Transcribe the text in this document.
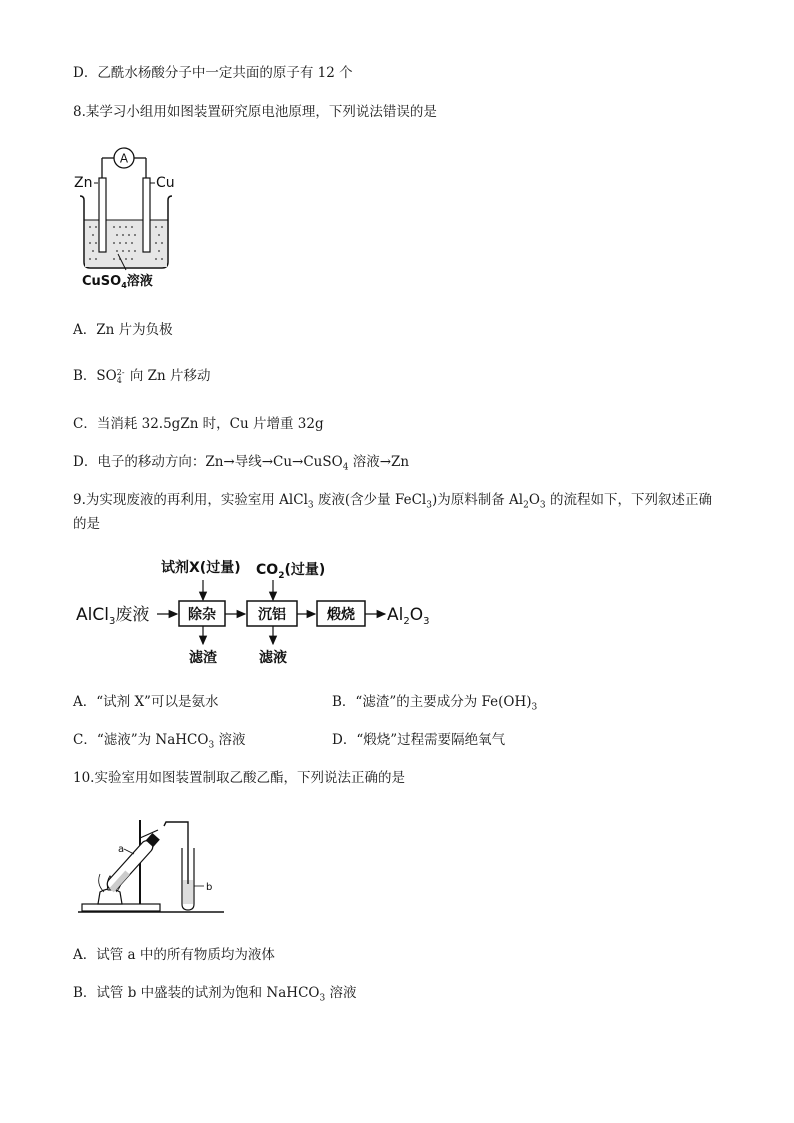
D．乙酰水杨酸分子中一定共面的原子有 12 个
8.某学习小组用如图装置研究原电池原理，下列说法错误的是
A
Zn	Cu
CuSO$_4$溶液
A．Zn 片为负极
B．SO 2-
4 向 Zn 片移动
C．当消耗 32.5gZn 时，Cu 片增重 32g
D．电子的移动方向：Zn→导线→Cu→CuSO$_4$ 溶液→Zn
9.为实现废液的再利用，实验室用 AlCl$_3$ 废液(含少量 FeCl$_3$)为原料制备 $Al_2O_3$ 的流程如下，下列叙述正确
的是
试剂X(过量) $CO_2$(过量)
AlCl$_3$废液	除杂	沉铝	煅烧 $Al_2O_3$
滤渣	滤液
A．“试剂 X”可以是氨水	B．“滤渣”的主要成分为 $Fe(OH)_3$
C．“滤液”为 NaHCO$_3$ 溶液	D．“煅烧”过程需要隔绝氧气
10.实验室用如图装置制取乙酸乙酯，下列说法正确的是
a
b
A．试管 a 中的所有物质均为液体
B．试管 b 中盛装的试剂为饱和 NaHCO$_3$ 溶液
